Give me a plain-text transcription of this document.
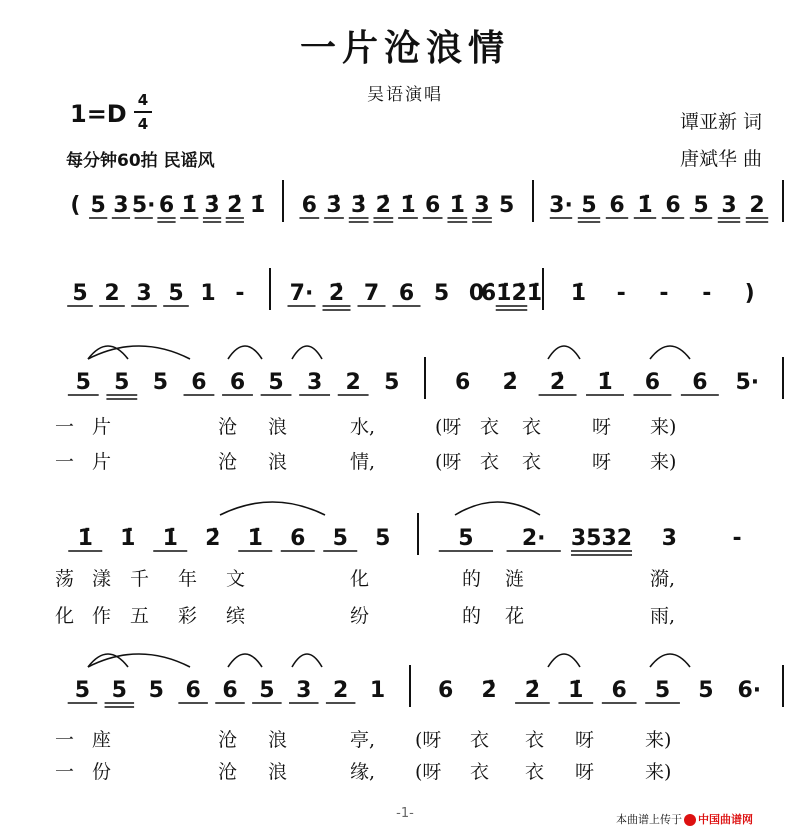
一片沧浪情
吴语演唱
1=D 4
4
每分钟60拍 民谣风
谭亚新 词
唐斌华 曲
( 5 3 5· 6 1̇ 3̇ 2̇ 1̇ 6 3̇ 3̇ 2̇ 1̇ 6 1̇ 3 5 3· 5 6 1̇ 6 5 3 2
5 2 3 5 1 - 7· 2̇ 7 6 5 0
6̇1̇2̇1̇ 1̇ - - - )
5 5 5 6 6 5 3 2 5	6 2̇ 2̇ 1̇ 6 6 5·
一 片	沧 浪	水,	(呀 衣 衣	呀 来)
一 片	沧 浪	情,	(呀 衣 衣	呀 来)
1̇ 1̇ 1̇ 2̇ 1̇ 6 5 5	5 2· 3532 3	-
荡 漾 千 年 文	化	的 涟	漪,
化 作 五 彩 缤	纷	的 花	雨,
5 5 5 6 6 5 3 2 1 6 2̇ 2̇ 1̇ 6 5 5 6·
一 座	沧 浪	亭, (呀 衣 衣 呀	来)
一 份	沧 浪	缘, (呀 衣 衣 呀	来)
-1-	本曲谱上传于 中国曲谱网
